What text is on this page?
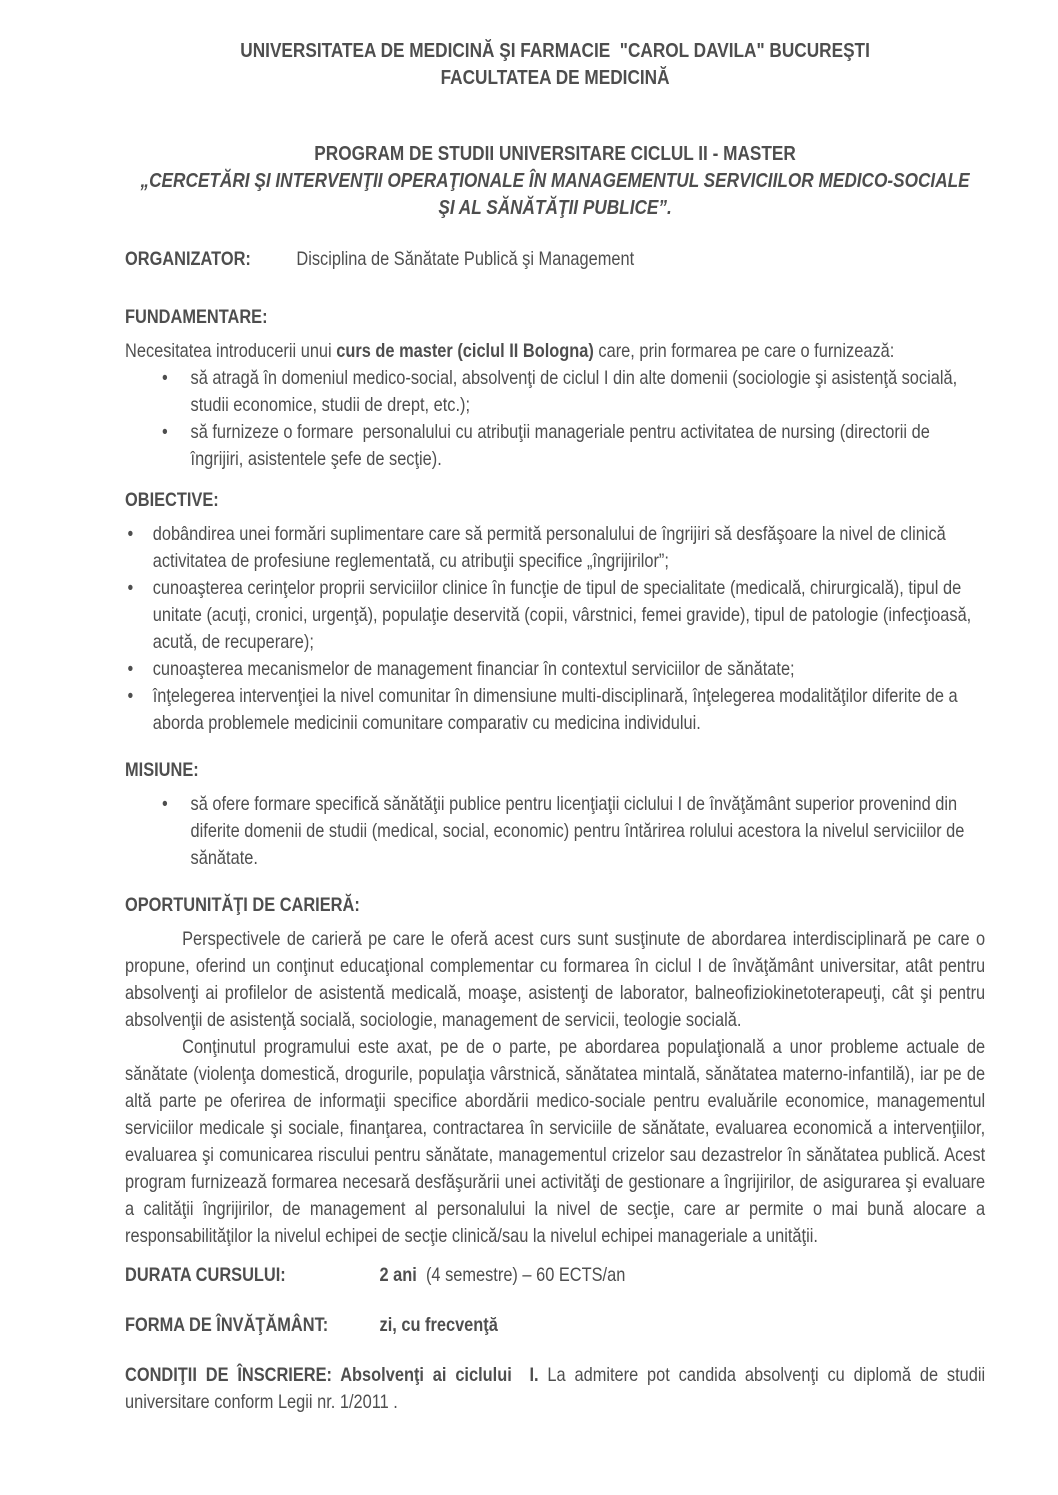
UNIVERSITATEA DE MEDICINĂ ŞI FARMACIE  "CAROL DAVILA" BUCUREŞTI
FACULTATEA DE MEDICINĂ
PROGRAM DE STUDII UNIVERSITARE CICLUL II - MASTER
„CERCETĂRI ŞI INTERVENŢII OPERAŢIONALE ÎN MANAGEMENTUL SERVICIILOR MEDICO-SOCIALE
ŞI AL SĂNĂTĂŢII PUBLICE”.
ORGANIZATOR: Disciplina de Sănătate Publică şi Management
FUNDAMENTARE:

Necesitatea introducerii unui curs de master (ciclul II Bologna) care, prin formarea pe care o furnizează:

•	să atragă în domeniul medico-social, absolvenţi de ciclul I din alte domenii (sociologie şi asistenţă socială, studii economice, studii de drept, etc.);
•	să furnizeze o formare  personalului cu atribuţii manageriale pentru activitatea de nursing (directorii de îngrijiri, asistentele şefe de secţie).
OBIECTIVE:
• dobândirea unei formări suplimentare care să permită personalului de îngrijiri să desfăşoare la nivel de clinică activitatea de profesiune reglementată, cu atribuţii specifice „îngrijirilor”;
• cunoaşterea cerinţelor proprii serviciilor clinice în funcţie de tipul de specialitate (medicală, chirurgicală), tipul de unitate (acuţi, cronici, urgenţă), populaţie deservită (copii, vârstnici, femei gravide), tipul de patologie (infecţioasă, acută, de recuperare);
• cunoaşterea mecanismelor de management financiar în contextul serviciilor de sănătate;
• înţelegerea intervenţiei la nivel comunitar în dimensiune multi-disciplinară, înţelegerea modalităţilor diferite de a aborda problemele medicinii comunitare comparativ cu medicina individului.
MISIUNE:
•	să ofere formare specifică sănătăţii publice pentru licenţiaţii ciclului I de învăţământ superior provenind din diferite domenii de studii (medical, social, economic) pentru întărirea rolului acestora la nivelul serviciilor de sănătate.
OPORTUNITĂŢI DE CARIERĂ:

Perspectivele de carieră pe care le oferă acest curs sunt susţinute de abordarea interdisciplinară pe care o propune, oferind un conţinut educaţional complementar cu formarea în ciclul I de învăţământ universitar, atât pentru absolvenţi ai profilelor de asistentă medicală, moaşe, asistenţi de laborator, balneofiziokinetoterapeuţi, cât şi pentru absolvenţii de asistenţă socială, sociologie, management de servicii, teologie socială.

Conţinutul programului este axat, pe de o parte, pe abordarea populaţională a unor probleme actuale de sănătate (violenţa domestică, drogurile, populaţia vârstnică, sănătatea mintală, sănătatea materno-infantilă), iar pe de altă parte pe oferirea de informaţii specifice abordării medico-sociale pentru evaluările economice, managementul serviciilor medicale şi sociale, finanţarea, contractarea în serviciile de sănătate, evaluarea economică a intervenţiilor, evaluarea şi comunicarea riscului pentru sănătate, managementul crizelor sau dezastrelor în sănătatea publică. Acest program furnizează formarea necesară desfăşurării unei activităţi de gestionare a îngrijirilor, de asigurarea şi evaluare a calităţii îngrijirilor, de management al personalului la nivel de secţie, care ar permite o mai bună alocare a responsabilităţilor la nivelul echipei de secţie clinică/sau la nivelul echipei manageriale a unităţii.

DURATA CURSULUI:	2 ani  (4 semestre) – 60 ECTS/an
FORMA DE ÎNVĂŢĂMÂNT:	zi, cu frecvenţă

CONDIŢII DE ÎNSCRIERE: Absolvenţi ai ciclului  I. La admitere pot candida absolvenţi cu diplomă de studii universitare conform Legii nr. 1/2011 .
